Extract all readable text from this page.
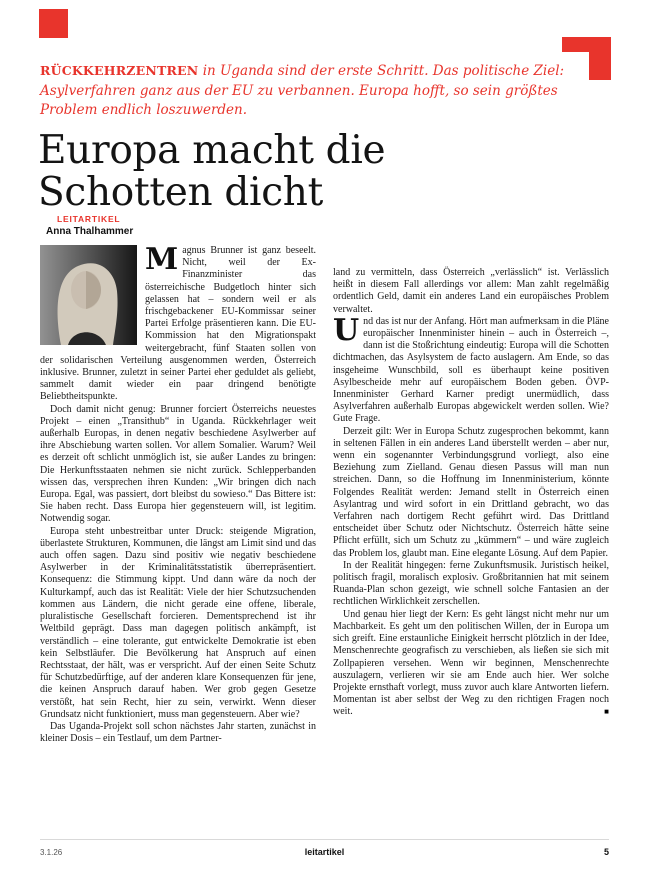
RÜCKKEHRZENTREN in Uganda sind der erste Schritt. Das politische Ziel: Asylverfahren ganz aus der EU zu verbannen. Europa hofft, so sein größtes Problem endlich loszuwerden.

Europa macht die Schotten dicht
LEITARTIKEL
Anna Thalhammer

Magnus Brunner ist ganz beseelt. Nicht, weil der Ex-Finanzminister das österreichische Budgetloch hinter sich gelassen hat – sondern weil er als frischgebackener EU-Kommissar seiner Partei Erfolge präsentieren kann. Die EU-Kommission hat den Migrationspakt weitergebracht, fünf Staaten sollen von der solidarischen Verteilung ausgenommen werden, Österreich inklusive. Brunner, zuletzt in seiner Partei eher geduldet als geliebt, sammelt damit wieder ein paar dringend benötigte Beliebtheitspunkte.

Doch damit nicht genug: Brunner forciert Österreichs neuestes Projekt – einen „Transithub“ in Uganda. Rückkehrlager weit außerhalb Europas, in denen negativ beschiedene Asylwerber auf ihre Abschiebung warten sollen. Vor allem Somalier. Warum? Weil es derzeit oft schlicht unmöglich ist, sie außer Landes zu bringen: Die Herkunftsstaaten nehmen sie nicht zurück. Schlepperbanden wissen das, versprechen ihren Kunden: „Wir bringen dich nach Europa. Egal, was passiert, dort bleibst du sowieso.“ Das Bittere ist: Sie haben recht. Dass Europa hier gegensteuern will, ist legitim. Notwendig sogar.

Europa steht unbestreitbar unter Druck: steigende Migration, überlastete Strukturen, Kommunen, die längst am Limit sind und das auch offen sagen. Dazu sind positiv wie negativ beschiedene Asylwerber in der Kriminalitätsstatistik überrepräsentiert. Konsequenz: die Stimmung kippt. Und dann wäre da noch der Kulturkampf, auch das ist Realität: Viele der hier Schutzsuchenden kommen aus Ländern, die nicht gerade eine offene, liberale, pluralistische Gesellschaft forcieren. Dementsprechend ist ihr Weltbild geprägt. Dass man dagegen politisch ankämpft, ist verständlich – eine tolerante, gut entwickelte Demokratie ist eben kein Selbstläufer. Die Bevölkerung hat Anspruch auf einen Rechtsstaat, der hält, was er verspricht. Auf der einen Seite Schutz für Schutzbedürftige, auf der anderen klare Konsequenzen für jene, die keinen Anspruch darauf haben. Wer grob gegen Gesetze verstößt, hat sein Recht, hier zu sein, verwirkt. Wenn dieser Grundsatz nicht funktioniert, muss man gegensteuern. Aber wie?

Das Uganda-Projekt soll schon nächstes Jahr starten, zunächst in kleiner Dosis – ein Testlauf, um dem Partner-

land zu vermitteln, dass Österreich „verlässlich“ ist. Verlässlich heißt in diesem Fall allerdings vor allem: Man zahlt regelmäßig ordentlich Geld, damit ein anderes Land ein europäisches Problem verwaltet.

Und das ist nur der Anfang. Hört man aufmerksam in die Pläne europäischer Innenminister hinein – auch in Österreich –, dann ist die Stoßrichtung eindeutig: Europa will die Schotten dichtmachen, das Asylsystem de facto auslagern. Am Ende, so das insgeheime Wunschbild, soll es überhaupt keine positiven Asylbescheide mehr auf europäischem Boden geben. ÖVP-Innenminister Gerhard Karner predigt unermüdlich, dass Asylverfahren außerhalb Europas abgewickelt werden sollen. Wie? Gute Frage.

Derzeit gilt: Wer in Europa Schutz zugesprochen bekommt, kann in seltenen Fällen in ein anderes Land überstellt werden – aber nur, wenn ein sogenannter Verbindungsgrund vorliegt, also eine Beziehung zum Zielland. Genau diesen Passus will man nun streichen. Dann, so die Hoffnung im Innenministerium, könnte Folgendes Realität werden: Jemand stellt in Österreich einen Asylantrag und wird sofort in ein Drittland gebracht, wo das Verfahren nach dortigem Recht geführt wird. Das Drittland entscheidet über Schutz oder Nichtschutz. Österreich hätte seine Pflicht erfüllt, sich um Schutz zu „kümmern“ – und wäre zugleich das Problem los, glaubt man. Eine elegante Lösung. Auf dem Papier.

In der Realität hingegen: ferne Zukunftsmusik. Juristisch heikel, politisch fragil, moralisch explosiv. Großbritannien hat mit seinem Ruanda-Plan schon gezeigt, wie schnell solche Fantasien an der rechtlichen Wirklichkeit zerschellen.

Und genau hier liegt der Kern: Es geht längst nicht mehr nur um Machbarkeit. Es geht um den politischen Willen, der in Europa um sich greift. Eine erstaunliche Einigkeit herrscht plötzlich in der Idee, Menschenrechte geografisch zu verschieben, als ließen sie sich mit Zollpapieren versehen. Wenn wir beginnen, Menschenrechte auszulagern, verlieren wir sie am Ende auch hier. Wer solche Projekte ernsthaft vorlegt, muss zuvor auch klare Antworten liefern. Momentan ist aber selbst der Weg zu den richtigen Fragen noch weit.	■

3.1.26	leitartikel	5
